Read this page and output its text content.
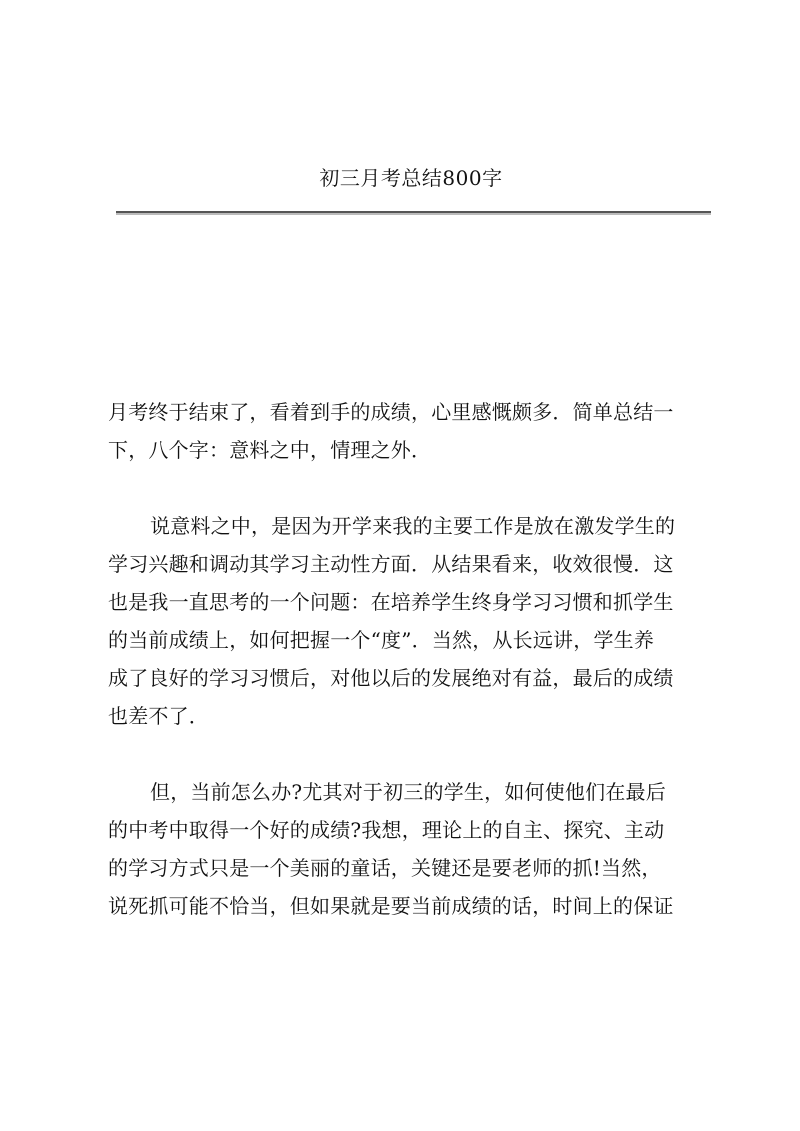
初三月考总结800字

月考终于结束了，看着到手的成绩，心里感慨颇多．简单总结一
下，八个字：意料之中，情理之外．

说意料之中，是因为开学来我的主要工作是放在激发学生的
学习兴趣和调动其学习主动性方面．从结果看来，收效很慢．这
也是我一直思考的一个问题：在培养学生终身学习习惯和抓学生
的当前成绩上，如何把握一个“度”．当然，从长远讲，学生养
成了良好的学习习惯后，对他以后的发展绝对有益，最后的成绩
也差不了．

但，当前怎么办?尤其对于初三的学生，如何使他们在最后
的中考中取得一个好的成绩?我想，理论上的自主、探究、主动
的学习方式只是一个美丽的童话，关键还是要老师的抓!当然，
说死抓可能不恰当，但如果就是要当前成绩的话，时间上的保证
